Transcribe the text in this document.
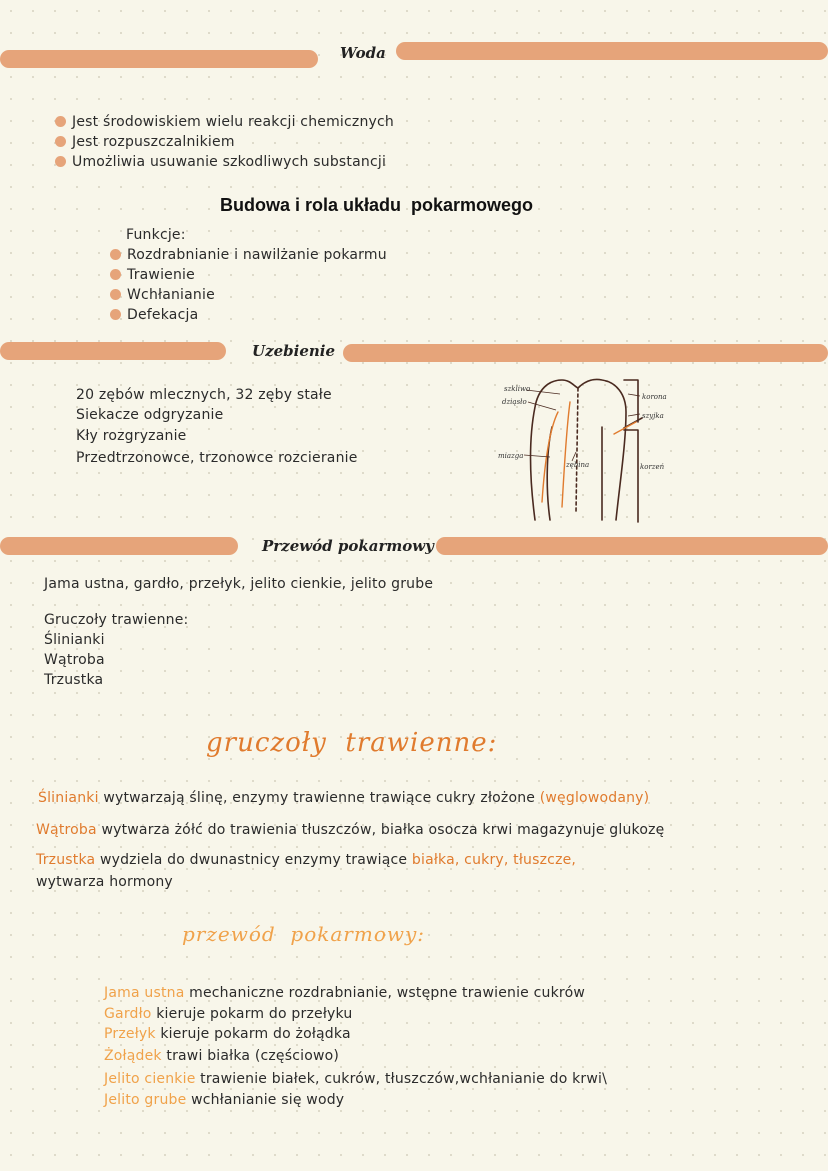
Woda
Jest środowiskiem wielu reakcji chemicznych
Jest rozpuszczalnikiem
Umożliwia usuwanie szkodliwych substancji
Budowa i rola układu  pokarmowego
Funkcje:
Rozdrabnianie i nawilżanie pokarmu
Trawienie
Wchłanianie
Defekacja
Uzebienie
20 zębów mlecznych, 32 zęby stałe
Siekacze odgryzanie
Kły rozgryzanie
Przedtrzonowce, trzonowce rozcieranie
szkliwo
dziąsło
miazga
zębina
korona
szyjka
korzeń
Przewód pokarmowy
Jama ustna, gardło, przełyk, jelito cienkie, jelito grube
Gruczoły trawienne:
Ślinianki
Wątroba
Trzustka
gruczoły  trawienne:
Ślinianki wytwarzają ślinę, enzymy trawienne trawiące cukry złożone (węglowodany)
Wątroba wytwarza żółć do trawienia tłuszczów, białka osocza krwi magazynuje glukozę
Trzustka wydziela do dwunastnicy enzymy trawiące białka, cukry, tłuszcze,
wytwarza hormony
przewód  pokarmowy:
Jama ustna mechaniczne rozdrabnianie, wstępne trawienie cukrów
Gardło kieruje pokarm do przełyku
Przełyk kieruje pokarm do żołądka
Żołądek trawi białka (częściowo)
Jelito cienkie trawienie białek, cukrów, tłuszczów,wchłanianie do krwi\
Jelito grube wchłanianie się wody
